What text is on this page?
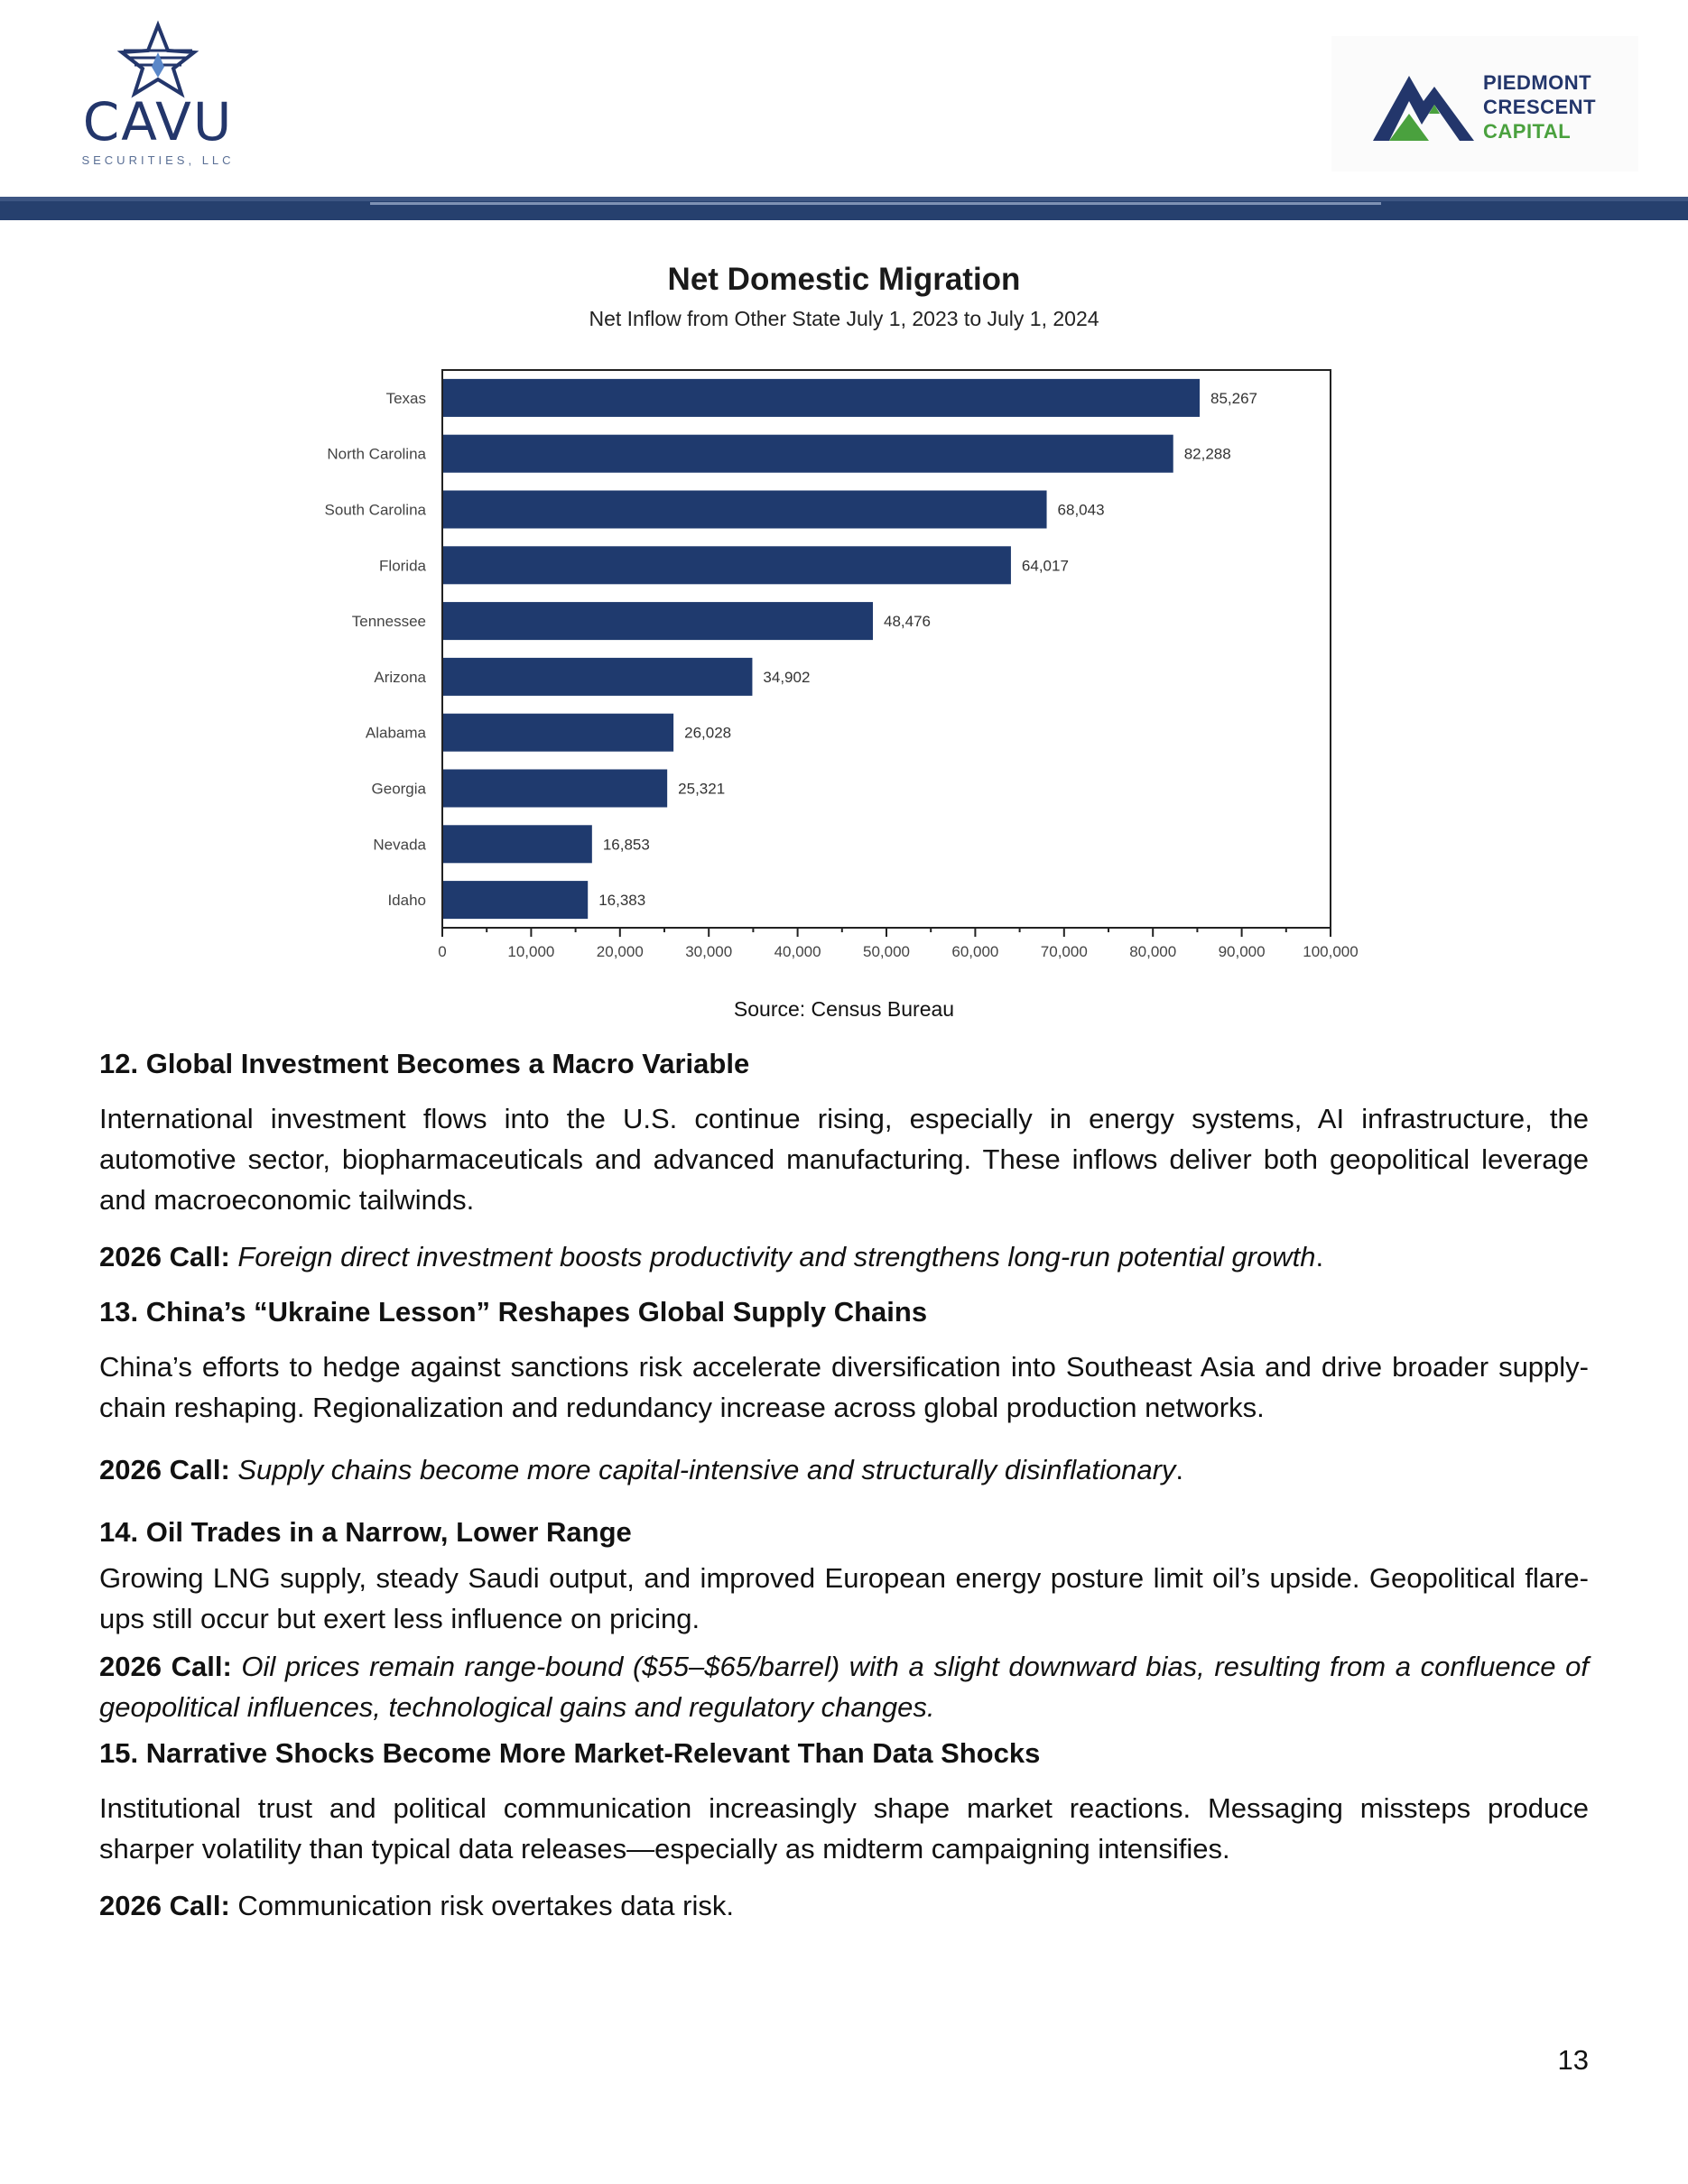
CAVU
SECURITIES, LLC
PIEDMONT
CRESCENT
CAPITAL
Net Domestic Migration
Net Inflow from Other State July 1, 2023 to July 1, 2024
Texas	85,267
North Carolina	82,288
South Carolina	68,043
Florida	64,017
Tennessee	48,476
Arizona	34,902
Alabama	26,028
Georgia	25,321
Nevada	16,853
Idaho	16,383
0	10,000	20,000	30,000	40,000	50,000	60,000	70,000	80,000	90,000 100,000
Source: Census Bureau
12. Global Investment Becomes a Macro Variable

International investment flows into the U.S. continue rising, especially in energy systems, AI infrastructure, the automotive sector, biopharmaceuticals and advanced manufacturing. These inflows deliver both geopolitical leverage and macroeconomic tailwinds.

2026 Call: Foreign direct investment boosts productivity and strengthens long-run potential growth.

13. China’s “Ukraine Lesson” Reshapes Global Supply Chains

China’s efforts to hedge against sanctions risk accelerate diversification into Southeast Asia and drive broader supply-chain reshaping. Regionalization and redundancy increase across global production networks.

2026 Call: Supply chains become more capital-intensive and structurally disinflationary.

14. Oil Trades in a Narrow, Lower Range

Growing LNG supply, steady Saudi output, and improved European energy posture limit oil’s upside. Geopolitical flare-ups still occur but exert less influence on pricing.

2026 Call: Oil prices remain range-bound ($55–$65/barrel) with a slight downward bias, resulting from a confluence of geopolitical influences, technological gains and regulatory changes.

15. Narrative Shocks Become More Market-Relevant Than Data Shocks

Institutional trust and political communication increasingly shape market reactions. Messaging missteps produce sharper volatility than typical data releases—especially as midterm campaigning intensifies.

2026 Call: Communication risk overtakes data risk.

13
